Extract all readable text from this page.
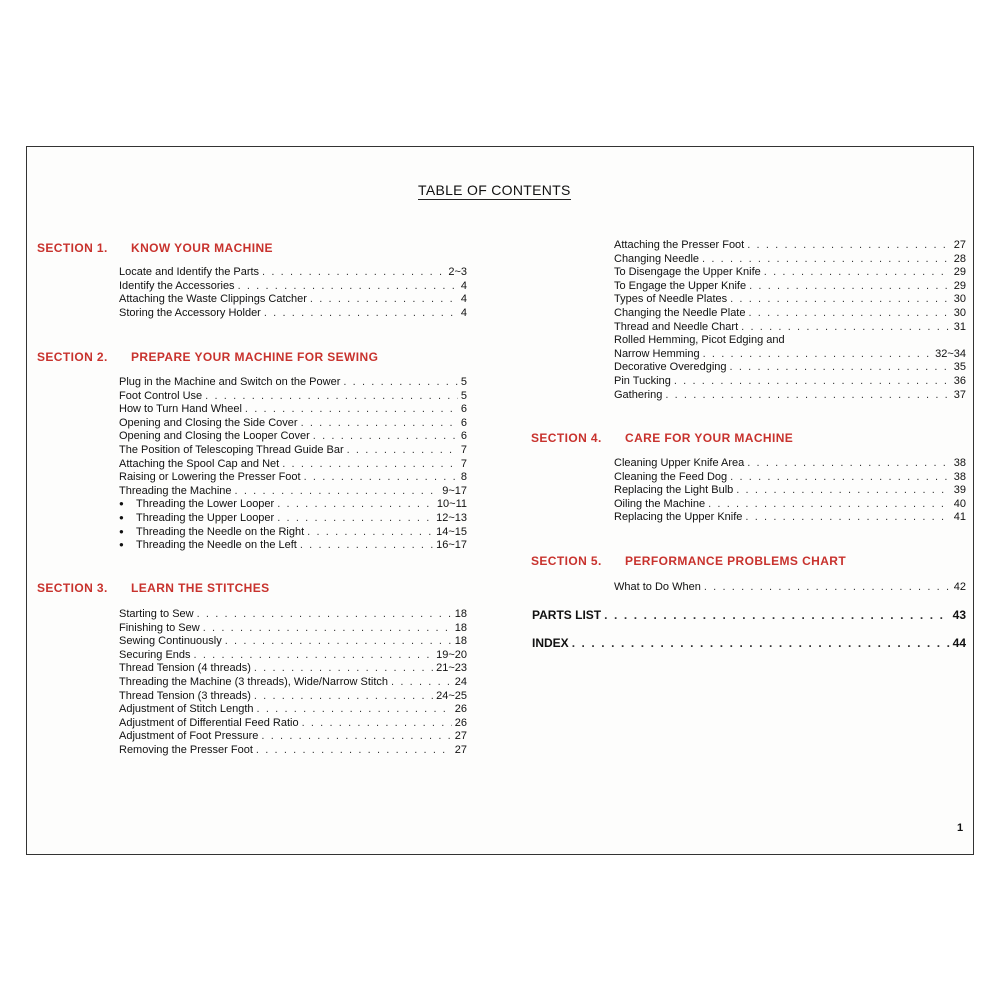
TABLE OF CONTENTS
SECTION 1. KNOW YOUR MACHINE
Locate and Identify the Parts . . .	2~3
Identify the Accessories . . .	4
Attaching the Waste Clippings Catcher . . .	4
Storing the Accessory Holder . . .	4
SECTION 2. PREPARE YOUR MACHINE FOR SEWING
Plug in the Machine and Switch on the Power . . .	5
Foot Control Use . . .	5
How to Turn Hand Wheel . . .	6
Opening and Closing the Side Cover . . .	6
Opening and Closing the Looper Cover . . .	6
The Position of Telescoping Thread Guide Bar . . .	7
Attaching the Spool Cap and Net . . .	7
Raising or Lowering the Presser Foot . . .	8
Threading the Machine . . .	9~17
● Threading the Lower Looper . . .	10~11
● Threading the Upper Looper . . .	12~13
● Threading the Needle on the Right . . .	14~15
● Threading the Needle on the Left . . .	16~17
SECTION 3. LEARN THE STITCHES
Starting to Sew . . .	18
Finishing to Sew . . .	18
Sewing Continuously . . .	18
Securing Ends . . .	19~20
Thread Tension (4 threads) . . .	21~23
Threading the Machine (3 threads), Wide/Narrow Stitch . . .	24
Thread Tension (3 threads) . . .	24~25
Adjustment of Stitch Length . . .	26
Adjustment of Differential Feed Ratio . . .	26
Adjustment of Foot Pressure . . .	27
Removing the Presser Foot . . .	27
Attaching the Presser Foot . . .	27
Changing Needle . . .	28
To Disengage the Upper Knife . . .	29
To Engage the Upper Knife . . .	29
Types of Needle Plates . . .	30
Changing the Needle Plate . . .	30
Thread and Needle Chart . . .	31
Rolled Hemming, Picot Edging and
Narrow Hemming . . .	32~34
Decorative Overedging . . .	35
Pin Tucking . . .	36
Gathering . . .	37
SECTION 4. CARE FOR YOUR MACHINE
Cleaning Upper Knife Area . . .	38
Cleaning the Feed Dog . . .	38
Replacing the Light Bulb . . .	39
Oiling the Machine . . .	40
Replacing the Upper Knife . . .	41
SECTION 5. PERFORMANCE PROBLEMS CHART
What to Do When . . .	42
PARTS LIST . . .	43
INDEX . . .	44
1
